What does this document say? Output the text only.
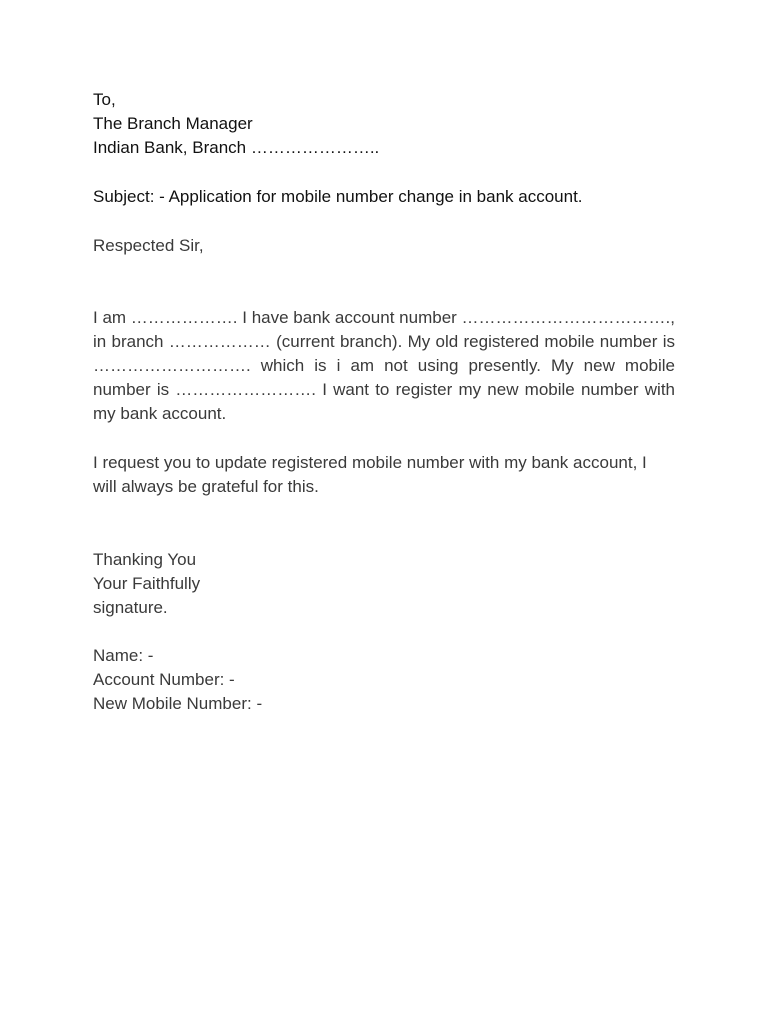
To,
The Branch Manager
Indian Bank, Branch …………………..
Subject: - Application for mobile number change in bank account.
Respected Sir,

I am ………………. I have bank account number ………………………………., in branch ……………… (current branch). My old registered mobile number is ………………………. which is i am not using presently. My new mobile number is ……………………. I want to register my new mobile number with my bank account.

I request you to update registered mobile number with my bank account, I will always be grateful for this.

Thanking You
Your Faithfully
signature.
Name: -
Account Number: -
New Mobile Number: -
